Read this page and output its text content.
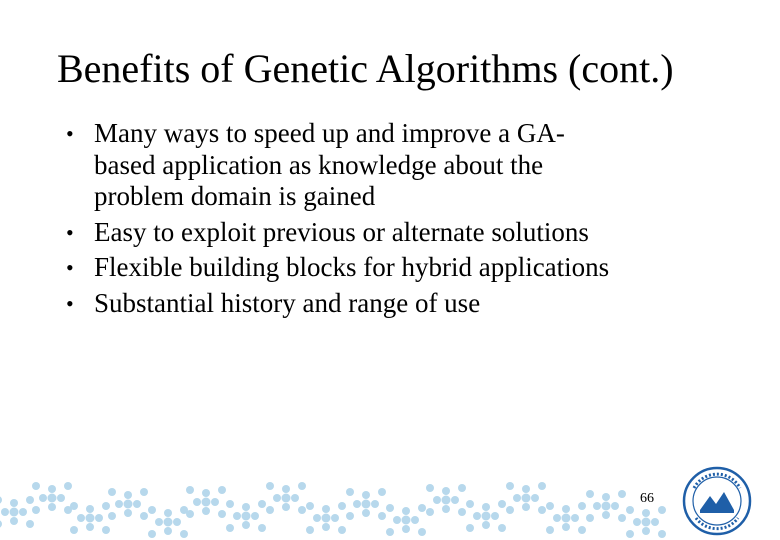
Benefits of Genetic Algorithms (cont.)
• Many ways to speed up and improve a GA-based application as knowledge about the problem domain is gained
• Easy to exploit previous or alternate solutions
• Flexible building blocks for hybrid applications
• Substantial history and range of use
66
